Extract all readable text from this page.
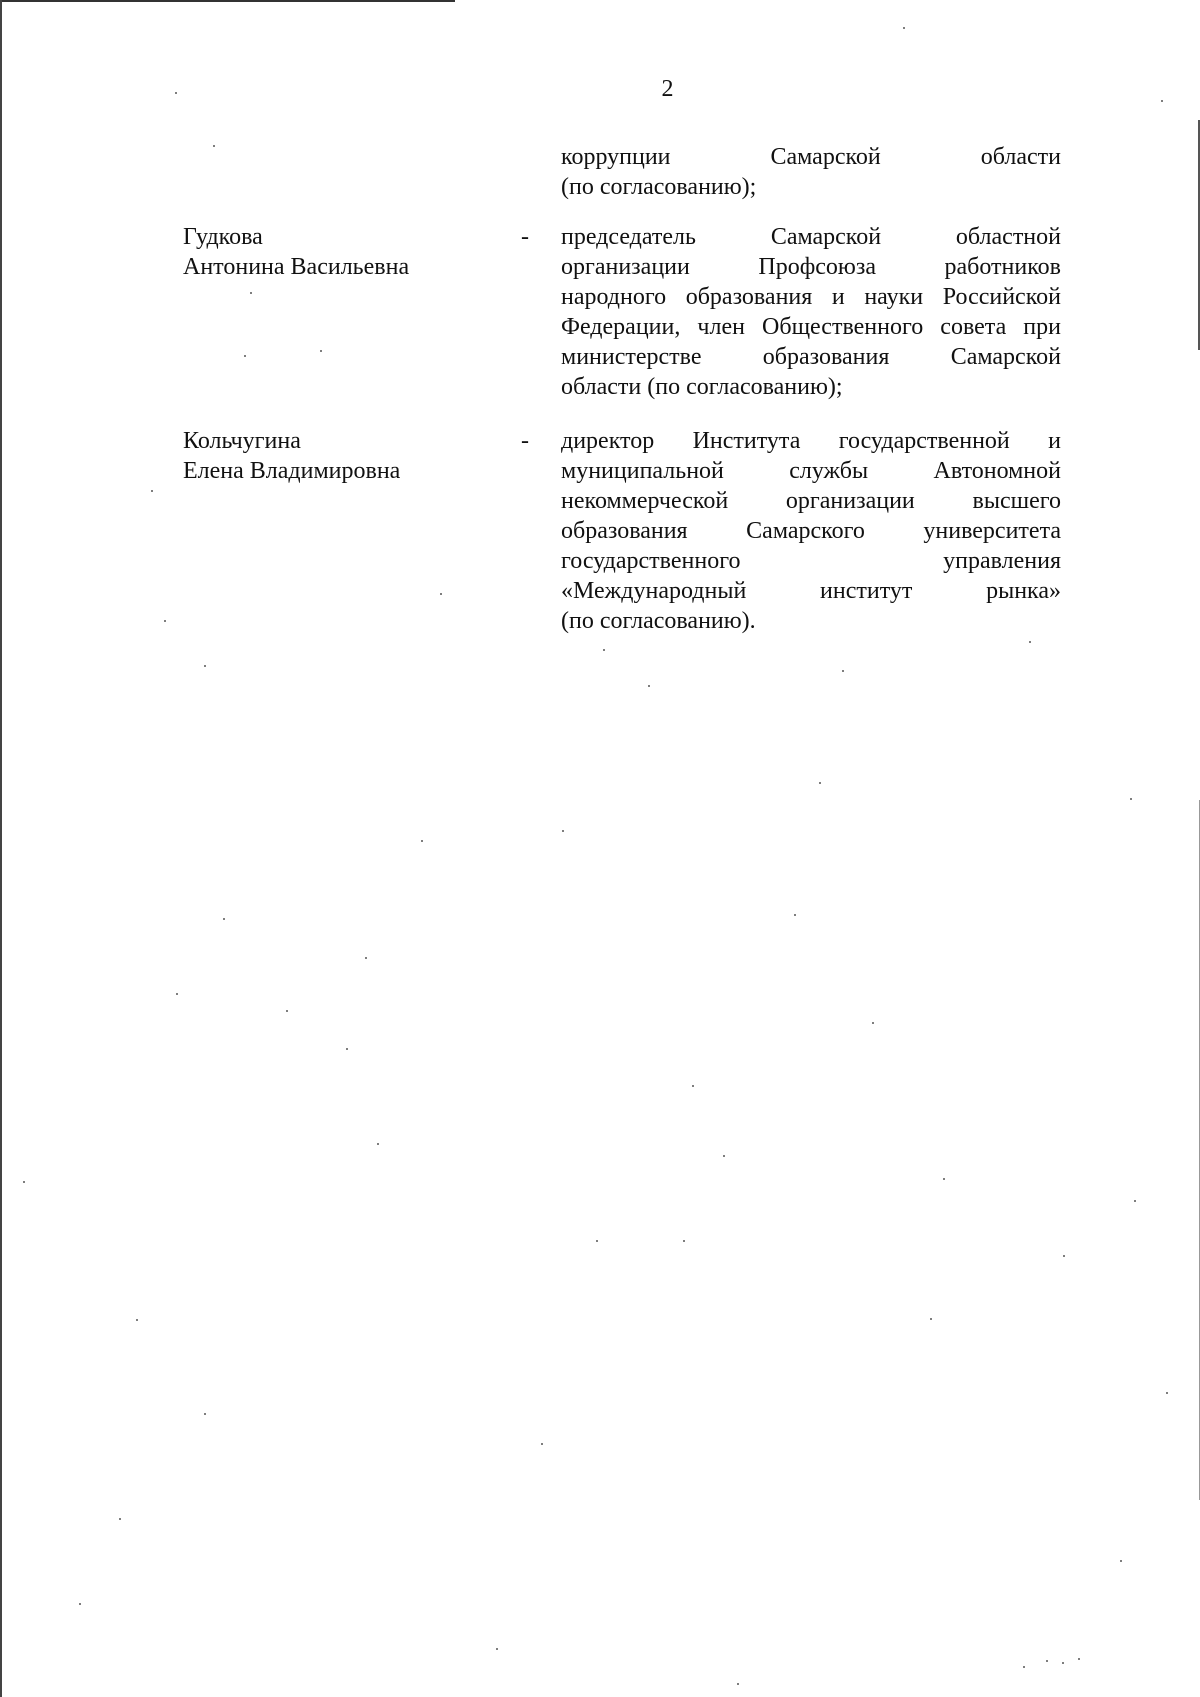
2
коррупции Самарской области
(по согласованию);
Гудкова
Антонина Васильевна
- председатель Самарской областной
организации Профсоюза работников
народного образования и науки Российской
Федерации, член Общественного совета при
министерстве образования Самарской
области (по согласованию);
Кольчугина
Елена Владимировна
- директор Института государственной и
муниципальной службы Автономной
некоммерческой организации высшего
образования Самарского университета
государственного управления
«Международный институт рынка»
(по согласованию).
